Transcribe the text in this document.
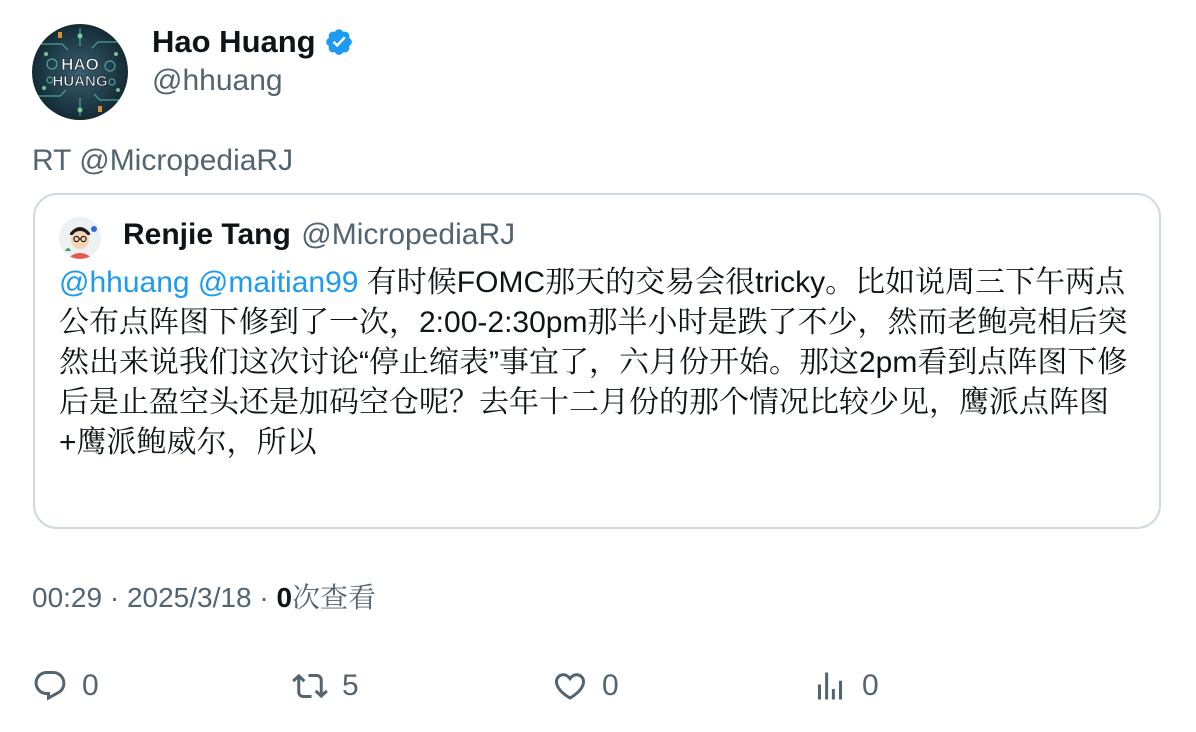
HAO
HUANG
Hao Huang
@hhuang
RT @MicropediaRJ
Renjie Tang @MicropediaRJ
@hhuang @maitian99 有时候FOMC那天的交易会很tricky。比如说周三下午两点公布点阵图下修到了一次，2:00-2:30pm那半小时是跌了不少，然而老鲍亮相后突然出来说我们这次讨论“停止缩表”事宜了，六月份开始。那这2pm看到点阵图下修后是止盈空头还是加码空仓呢？去年十二月份的那个情况比较少见，鹰派点阵图+鹰派鲍威尔，所以
00:29 · 2025/3/18 · 0次查看
0	5	0	0
